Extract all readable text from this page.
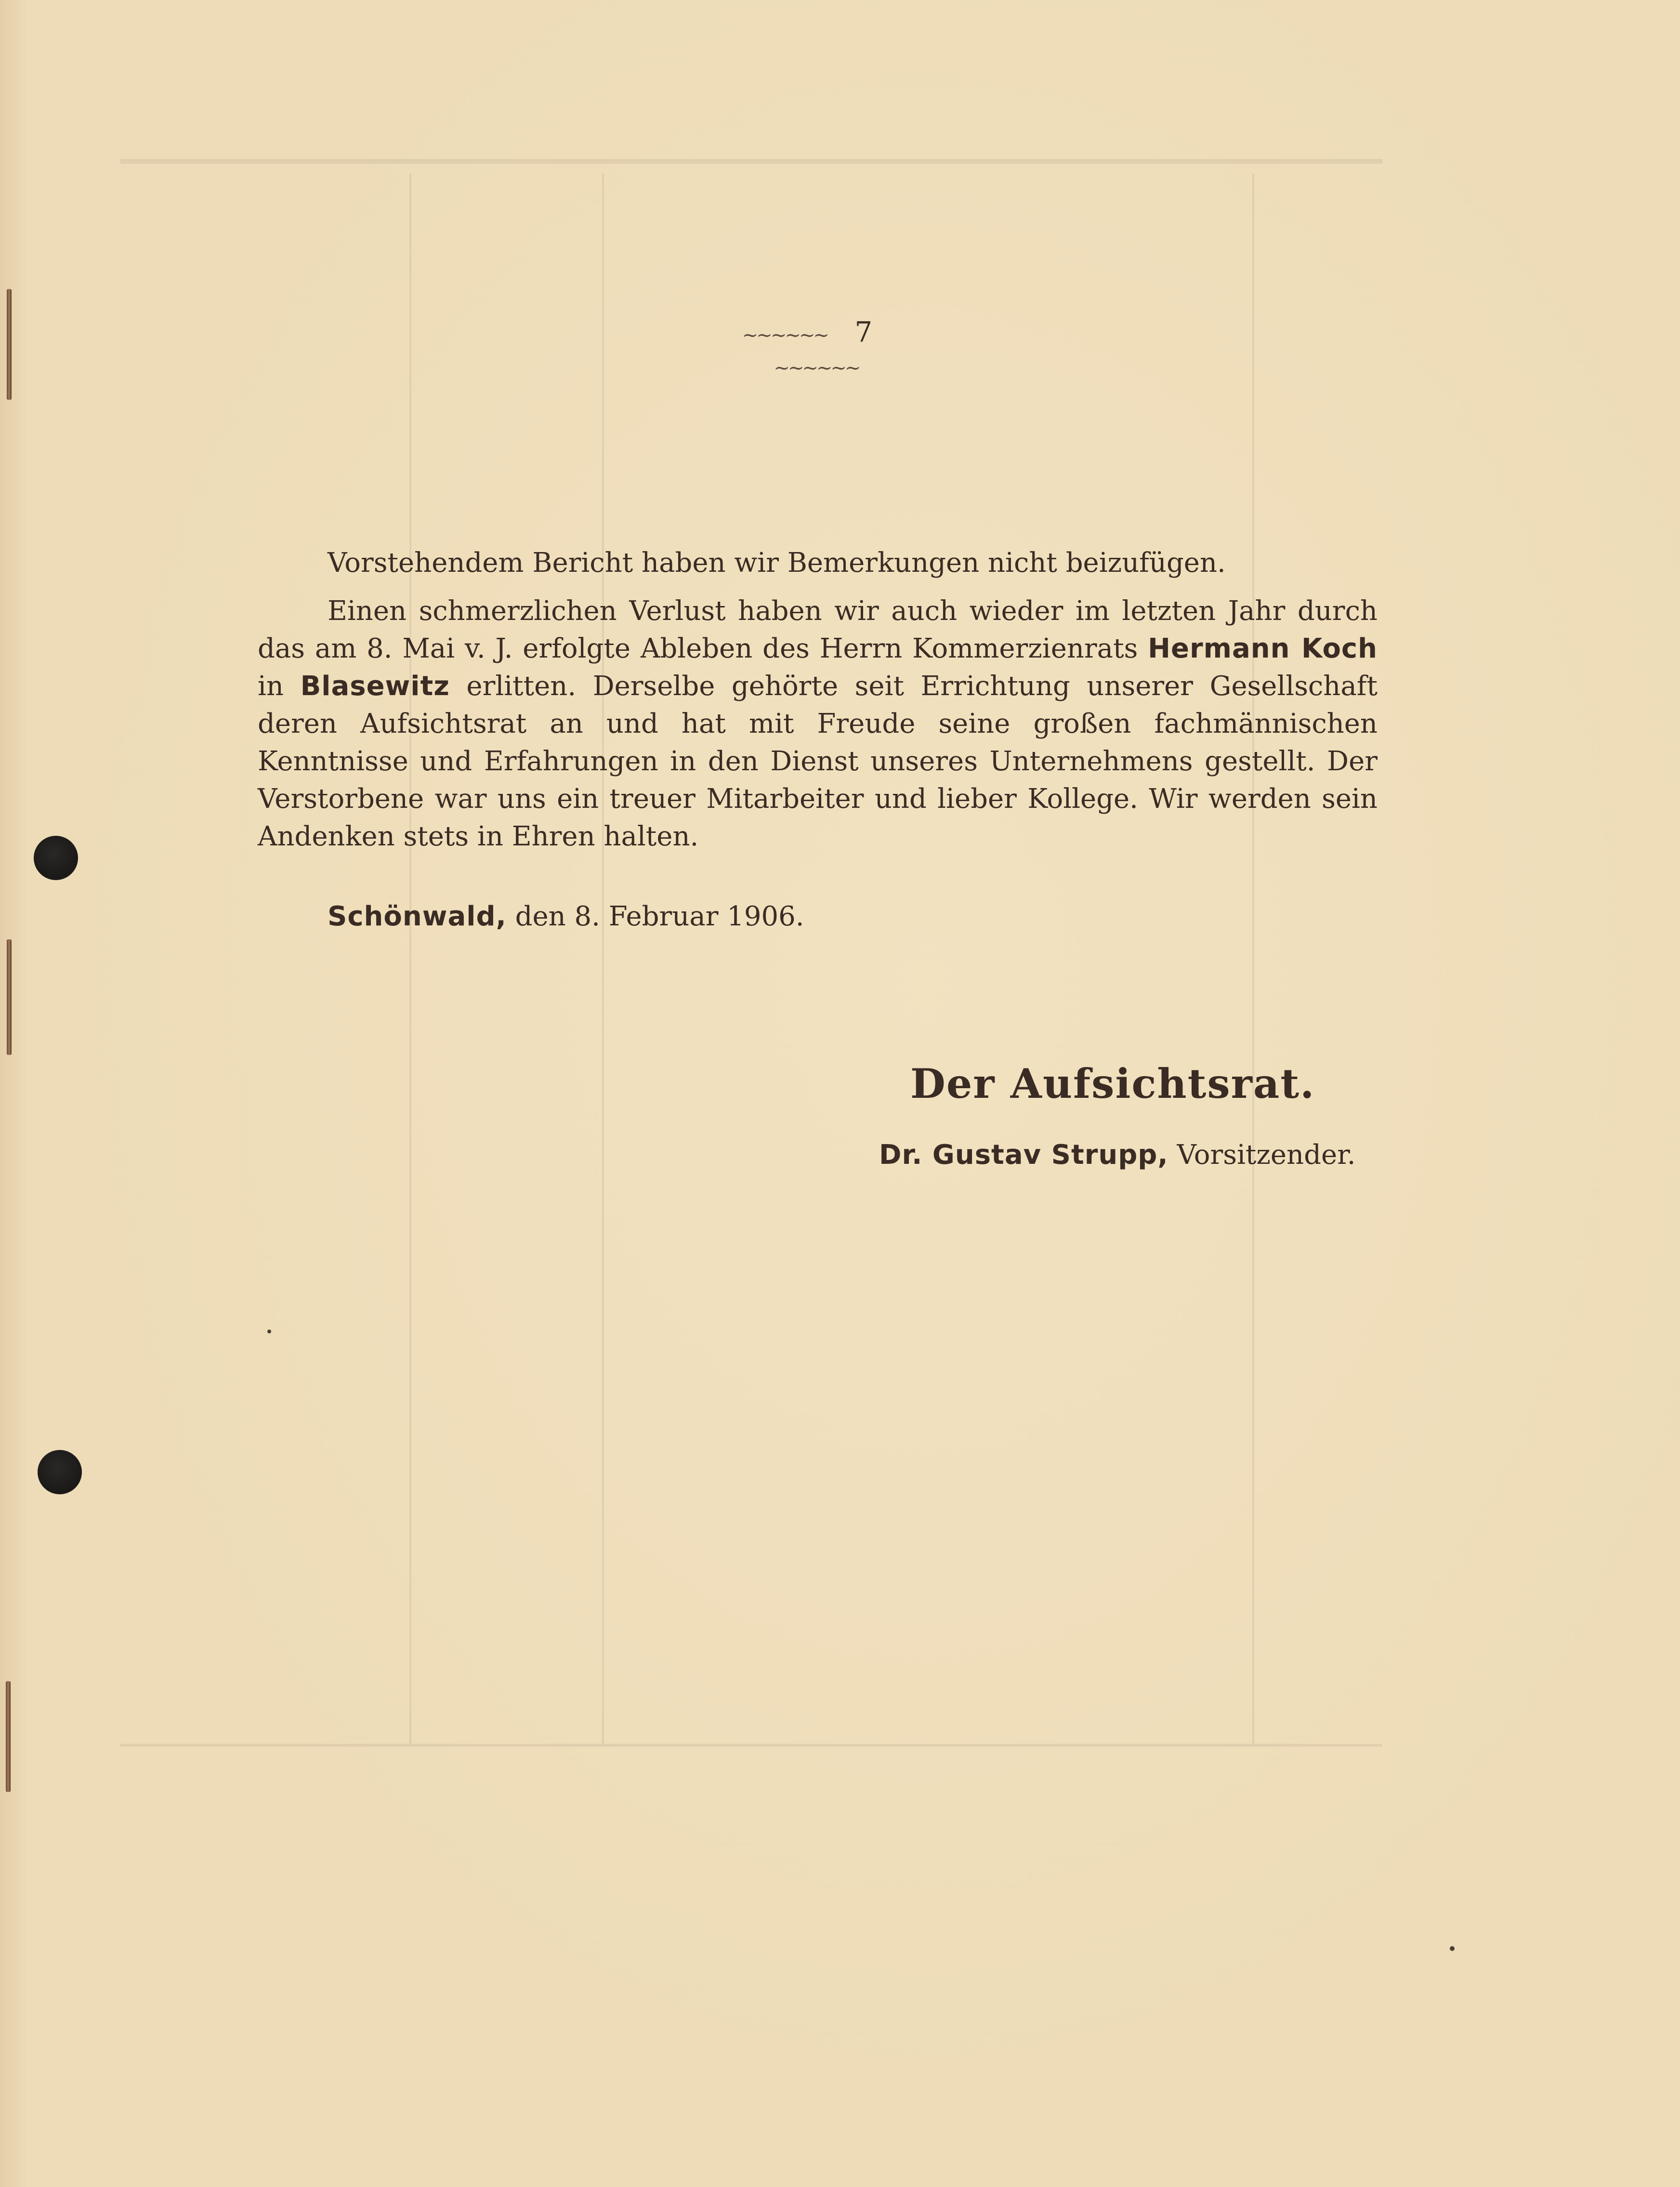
~~~~~~ 7 ~~~~~~

Vorstehendem Bericht haben wir Bemerkungen nicht beizufügen.

Einen schmerzlichen Verlust haben wir auch wieder im letzten Jahr durch das am 8. Mai v. J. erfolgte Ableben des Herrn Kommerzienrats Hermann Koch in Blasewitz erlitten. Derselbe gehörte seit Errichtung unserer Gesellschaft deren Aufsichtsrat an und hat mit Freude seine großen fachmännischen Kenntnisse und Erfahrungen in den Dienst unseres Unternehmens gestellt. Der Verstorbene war uns ein treuer Mitarbeiter und lieber Kollege. Wir werden sein Andenken stets in Ehren halten.

Schönwald, den 8. Februar 1906.
Der Aufsichtsrat.
Dr. Gustav Strupp, Vorsitzender.
